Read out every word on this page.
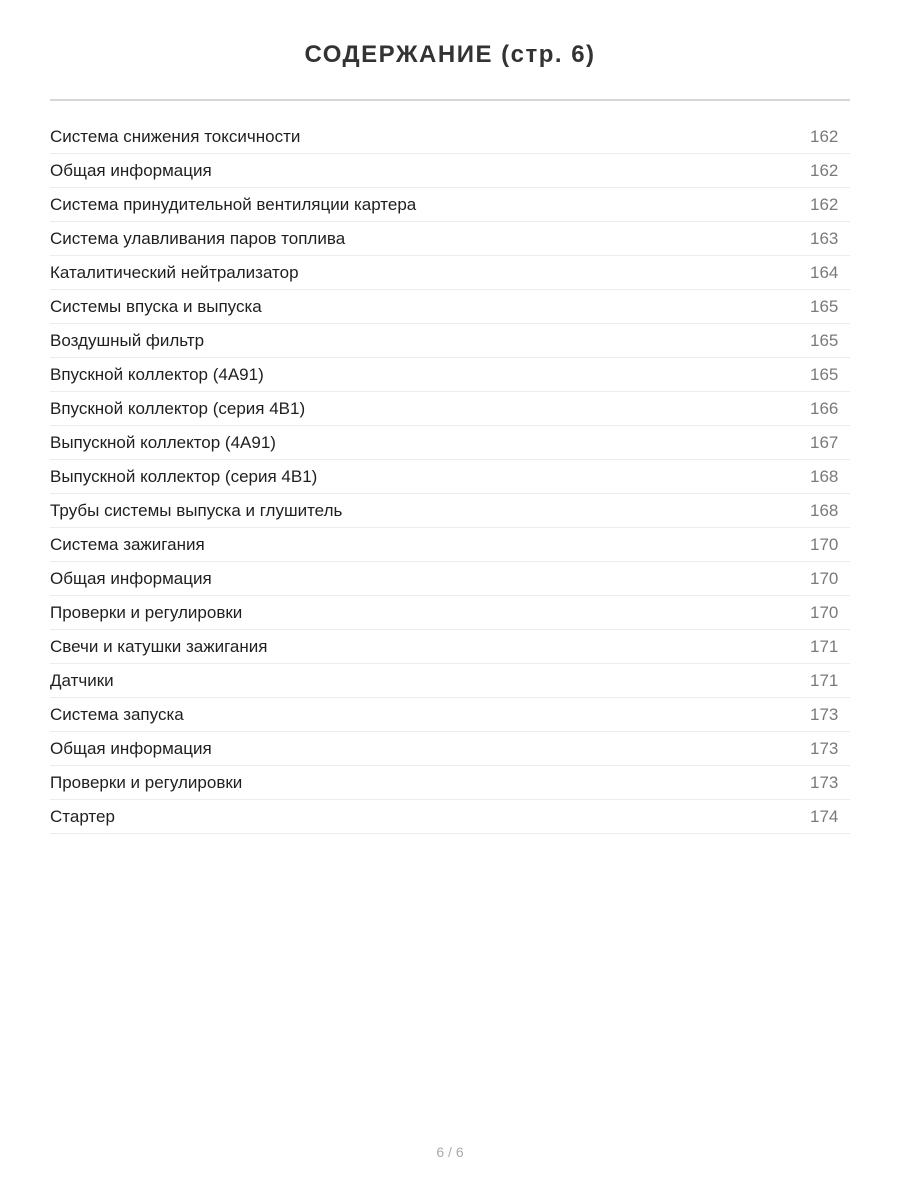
СОДЕРЖАНИЕ (стр. 6)
Система снижения токсичности	162
Общая информация	162
Система принудительной вентиляции картера	162
Система улавливания паров топлива	163
Каталитический нейтрализатор	164
Системы впуска и выпуска	165
Воздушный фильтр	165
Впускной коллектор (4A91)	165
Впускной коллектор (серия 4B1)	166
Выпускной коллектор (4A91)	167
Выпускной коллектор (серия 4B1)	168
Трубы системы выпуска и глушитель	168
Система зажигания	170
Общая информация	170
Проверки и регулировки	170
Свечи и катушки зажигания	171
Датчики	171
Система запуска	173
Общая информация	173
Проверки и регулировки	173
Стартер	174
6 / 6
